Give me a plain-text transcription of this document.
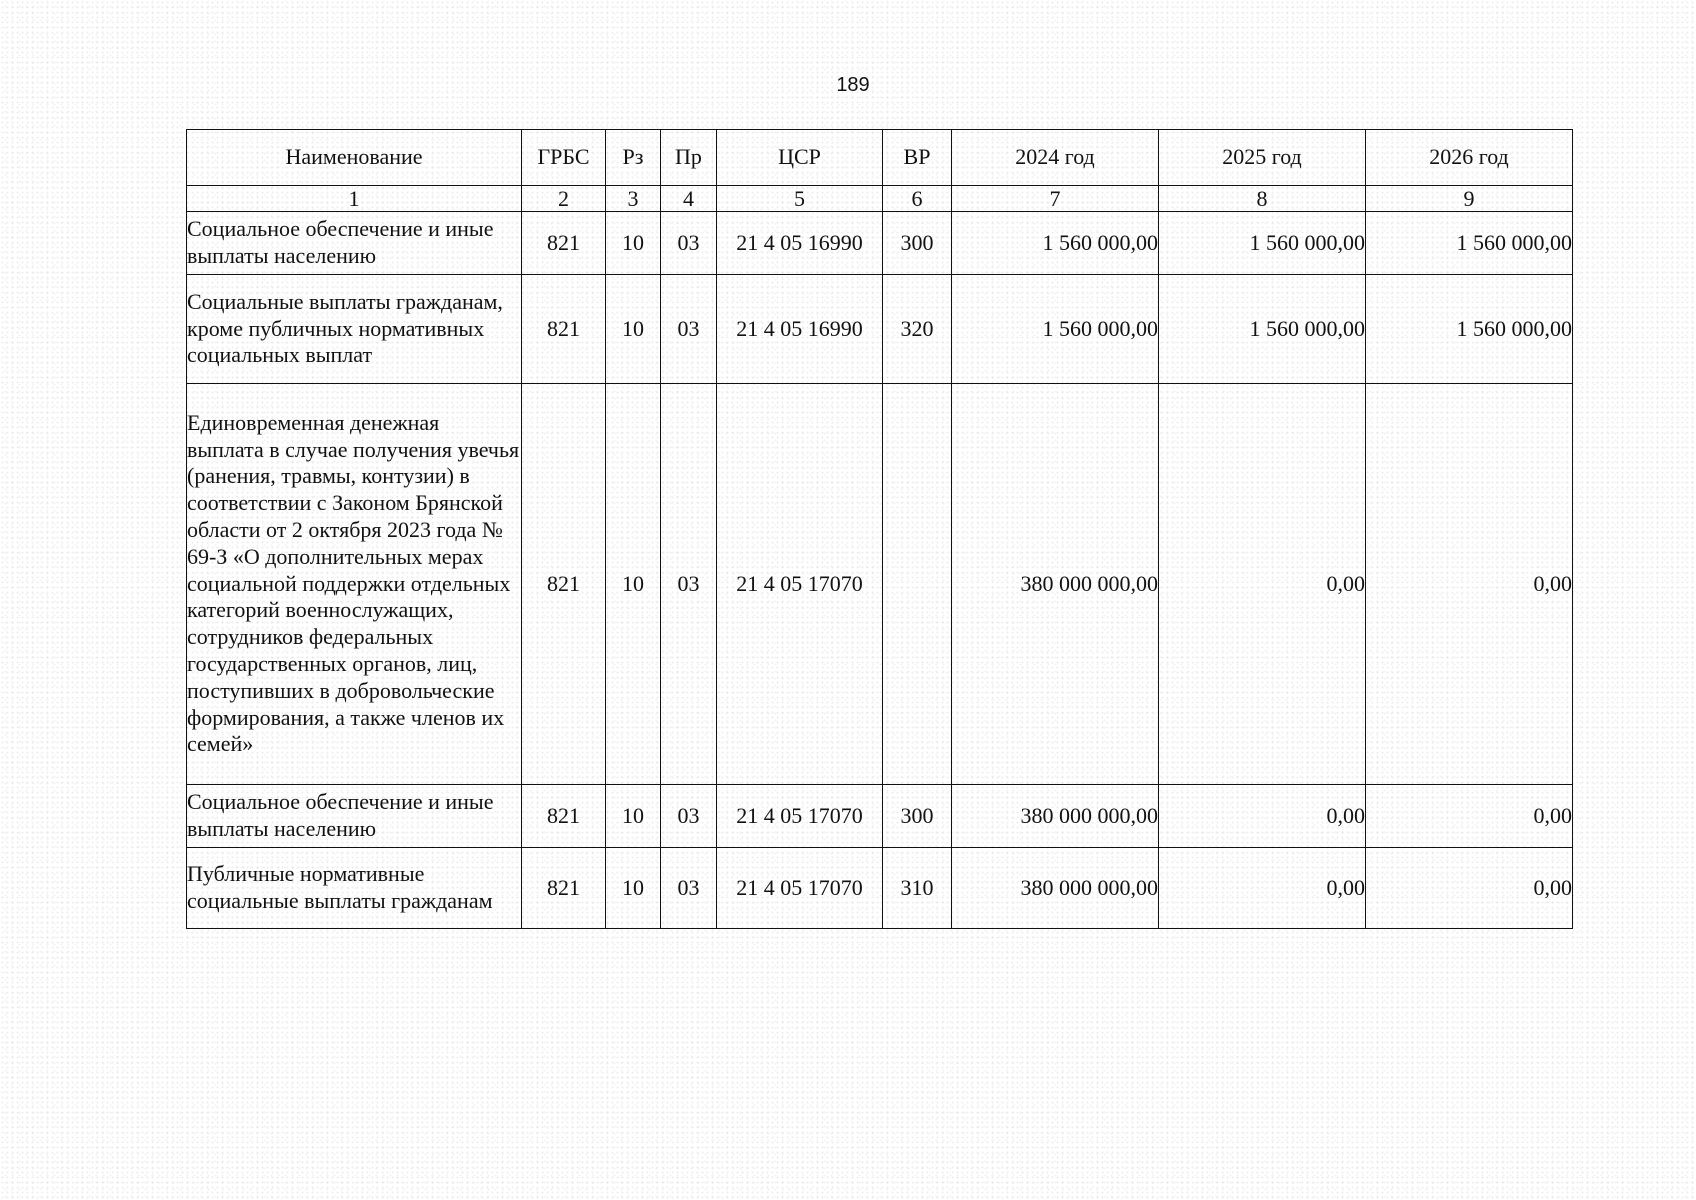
189
Наименование	ГРБС	Рз	Пр	ЦСР	ВР	2024 год	2025 год	2026 год
1	2	3	4	5	6	7	8	9
Социальное обеспечение и иные выплаты населению	821	10	03	21 4 05 16990	300	1 560 000,00	1 560 000,00	1 560 000,00
Социальные выплаты гражданам, кроме публичных нормативных социальных выплат	821	10	03	21 4 05 16990	320	1 560 000,00	1 560 000,00	1 560 000,00
Единовременная денежная выплата в случае получения увечья (ранения, травмы, контузии) в соответствии с Законом Брянской области от 2 октября 2023 года № 69-З «О дополнительных мерах социальной поддержки отдельных категорий военнослужащих, сотрудников федеральных государственных органов, лиц, поступивших в добровольческие формирования, а также членов их семей»	821	10	03	21 4 05 17070		380 000 000,00	0,00	0,00
Социальное обеспечение и иные выплаты населению	821	10	03	21 4 05 17070	300	380 000 000,00	0,00	0,00
Публичные нормативные социальные выплаты гражданам	821	10	03	21 4 05 17070	310	380 000 000,00	0,00	0,00
